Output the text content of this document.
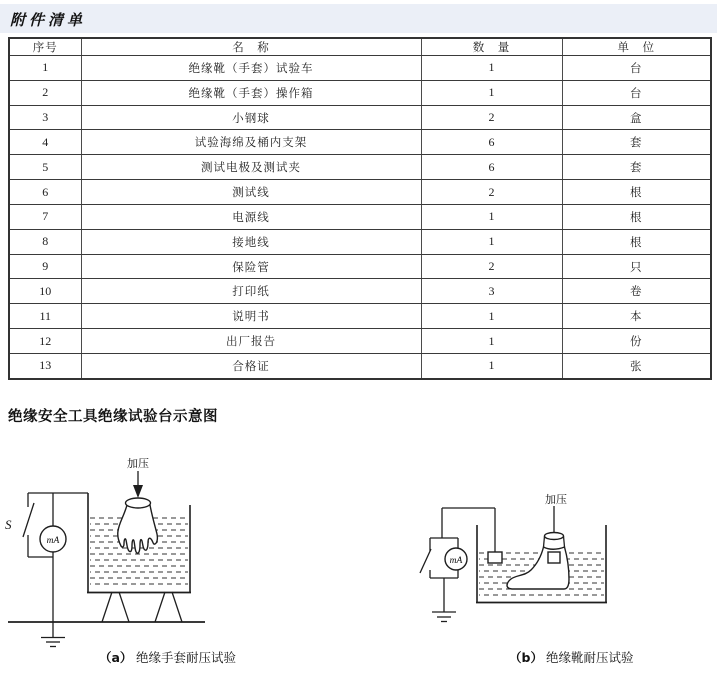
附件清单
序号	名　称	数　量	单　位
1	绝缘靴（手套）试验车	1	台
2	绝缘靴（手套）操作箱	1	台
3	小钢球	2	盒
4	试验海绵及桶内支架	6	套
5	测试电极及测试夹	6	套
6	测试线	2	根
7	电源线	1	根
8	接地线	1	根
9	保险管	2	只
10	打印纸	3	卷
11	说明书	1	本
12	出厂报告	1	份
13	合格证	1	张
绝缘安全工具绝缘试验台示意图
加压
mA
S
（a） 绝缘手套耐压试验
加压
mA
（b） 绝缘靴耐压试验
